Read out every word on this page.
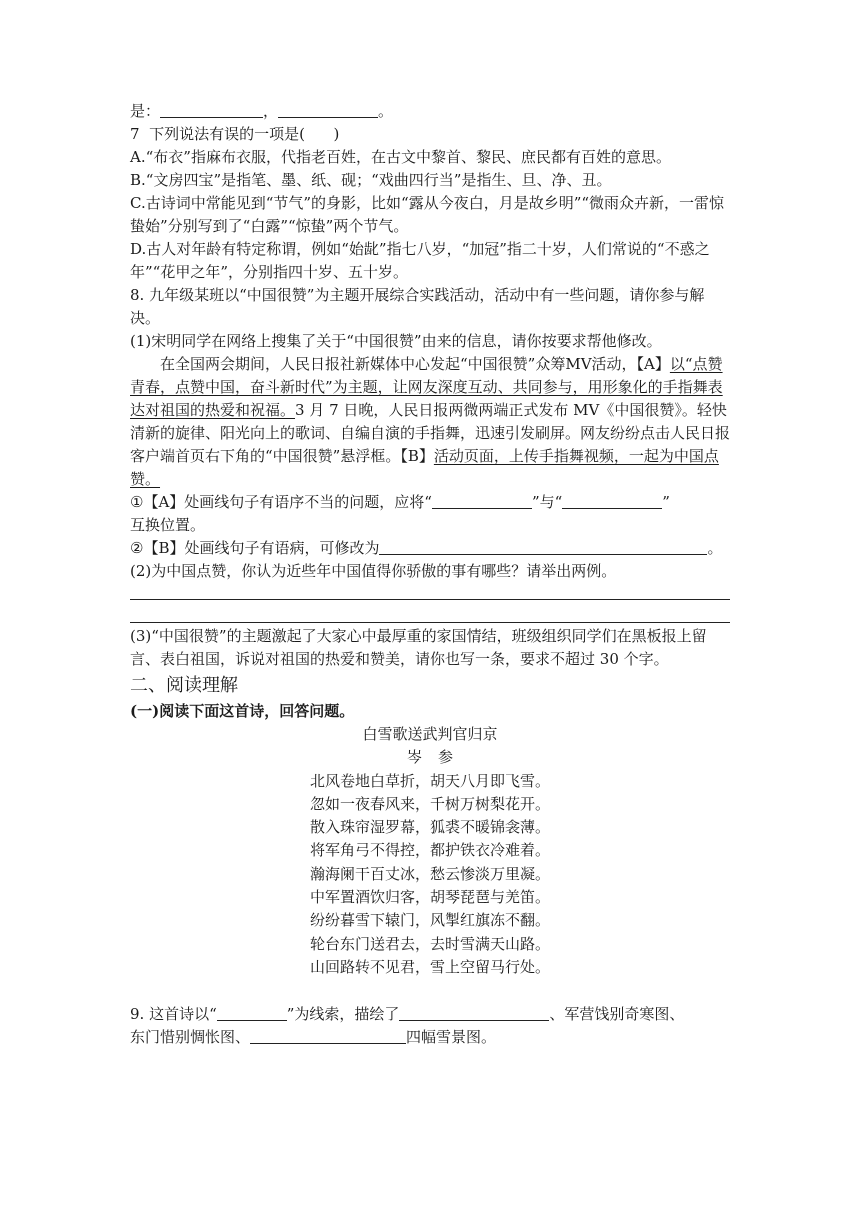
是：	，	。
7  下列说法有误的一项是(      )
A.“布衣”指麻布衣服，代指老百姓，在古文中黎首、黎民、庶民都有百姓的意思。
B.“文房四宝”是指笔、墨、纸、砚；“戏曲四行当”是指生、旦、净、丑。
C.古诗词中常能见到“节气”的身影，比如“露从今夜白，月是故乡明”“微雨众卉新，一雷惊蛰始”分别写到了“白露”“惊蛰”两个节气。
D.古人对年龄有特定称谓，例如“始龀”指七八岁，“加冠”指二十岁，人们常说的“不惑之年”“花甲之年”，分别指四十岁、五十岁。
8. 九年级某班以“中国很赞”为主题开展综合实践活动，活动中有一些问题，请你参与解决。
(1)宋明同学在网络上搜集了关于“中国很赞”由来的信息，请你按要求帮他修改。
在全国两会期间，人民日报社新媒体中心发起“中国很赞”众筹MV活动，【A】以“点赞青春，点赞中国，奋斗新时代”为主题，让网友深度互动、共同参与，用形象化的手指舞表达对祖国的热爱和祝福。3 月 7 日晚，人民日报两微两端正式发布 MV《中国很赞》。轻快清新的旋律、阳光向上的歌词、自编自演的手指舞，迅速引发刷屏。网友纷纷点击人民日报客户端首页右下角的“中国很赞”悬浮框。【B】活动页面，上传手指舞视频，一起为中国点赞。
①【A】处画线句子有语序不当的问题，应将“	”与“	”
互换位置。
②【B】处画线句子有语病，可修改为	。
(2)为中国点赞，你认为近些年中国值得你骄傲的事有哪些？请举出两例。
(3)“中国很赞”的主题激起了大家心中最厚重的家国情结，班级组织同学们在黑板报上留言、表白祖国，诉说对祖国的热爱和赞美，请你也写一条，要求不超过 30 个字。
二、阅读理解
(一)阅读下面这首诗，回答问题。
白雪歌送武判官归京
岑 参
北风卷地白草折，胡天八月即飞雪。
忽如一夜春风来，千树万树梨花开。
散入珠帘湿罗幕，狐裘不暖锦衾薄。
将军角弓不得控，都护铁衣冷难着。
瀚海阑干百丈冰，愁云惨淡万里凝。
中军置酒饮归客，胡琴琵琶与羌笛。
纷纷暮雪下辕门，风掣红旗冻不翻。
轮台东门送君去，去时雪满天山路。
山回路转不见君，雪上空留马行处。
9. 这首诗以“	”为线索，描绘了	、军营饯别奇寒图、
东门惜别惆怅图、	四幅雪景图。
